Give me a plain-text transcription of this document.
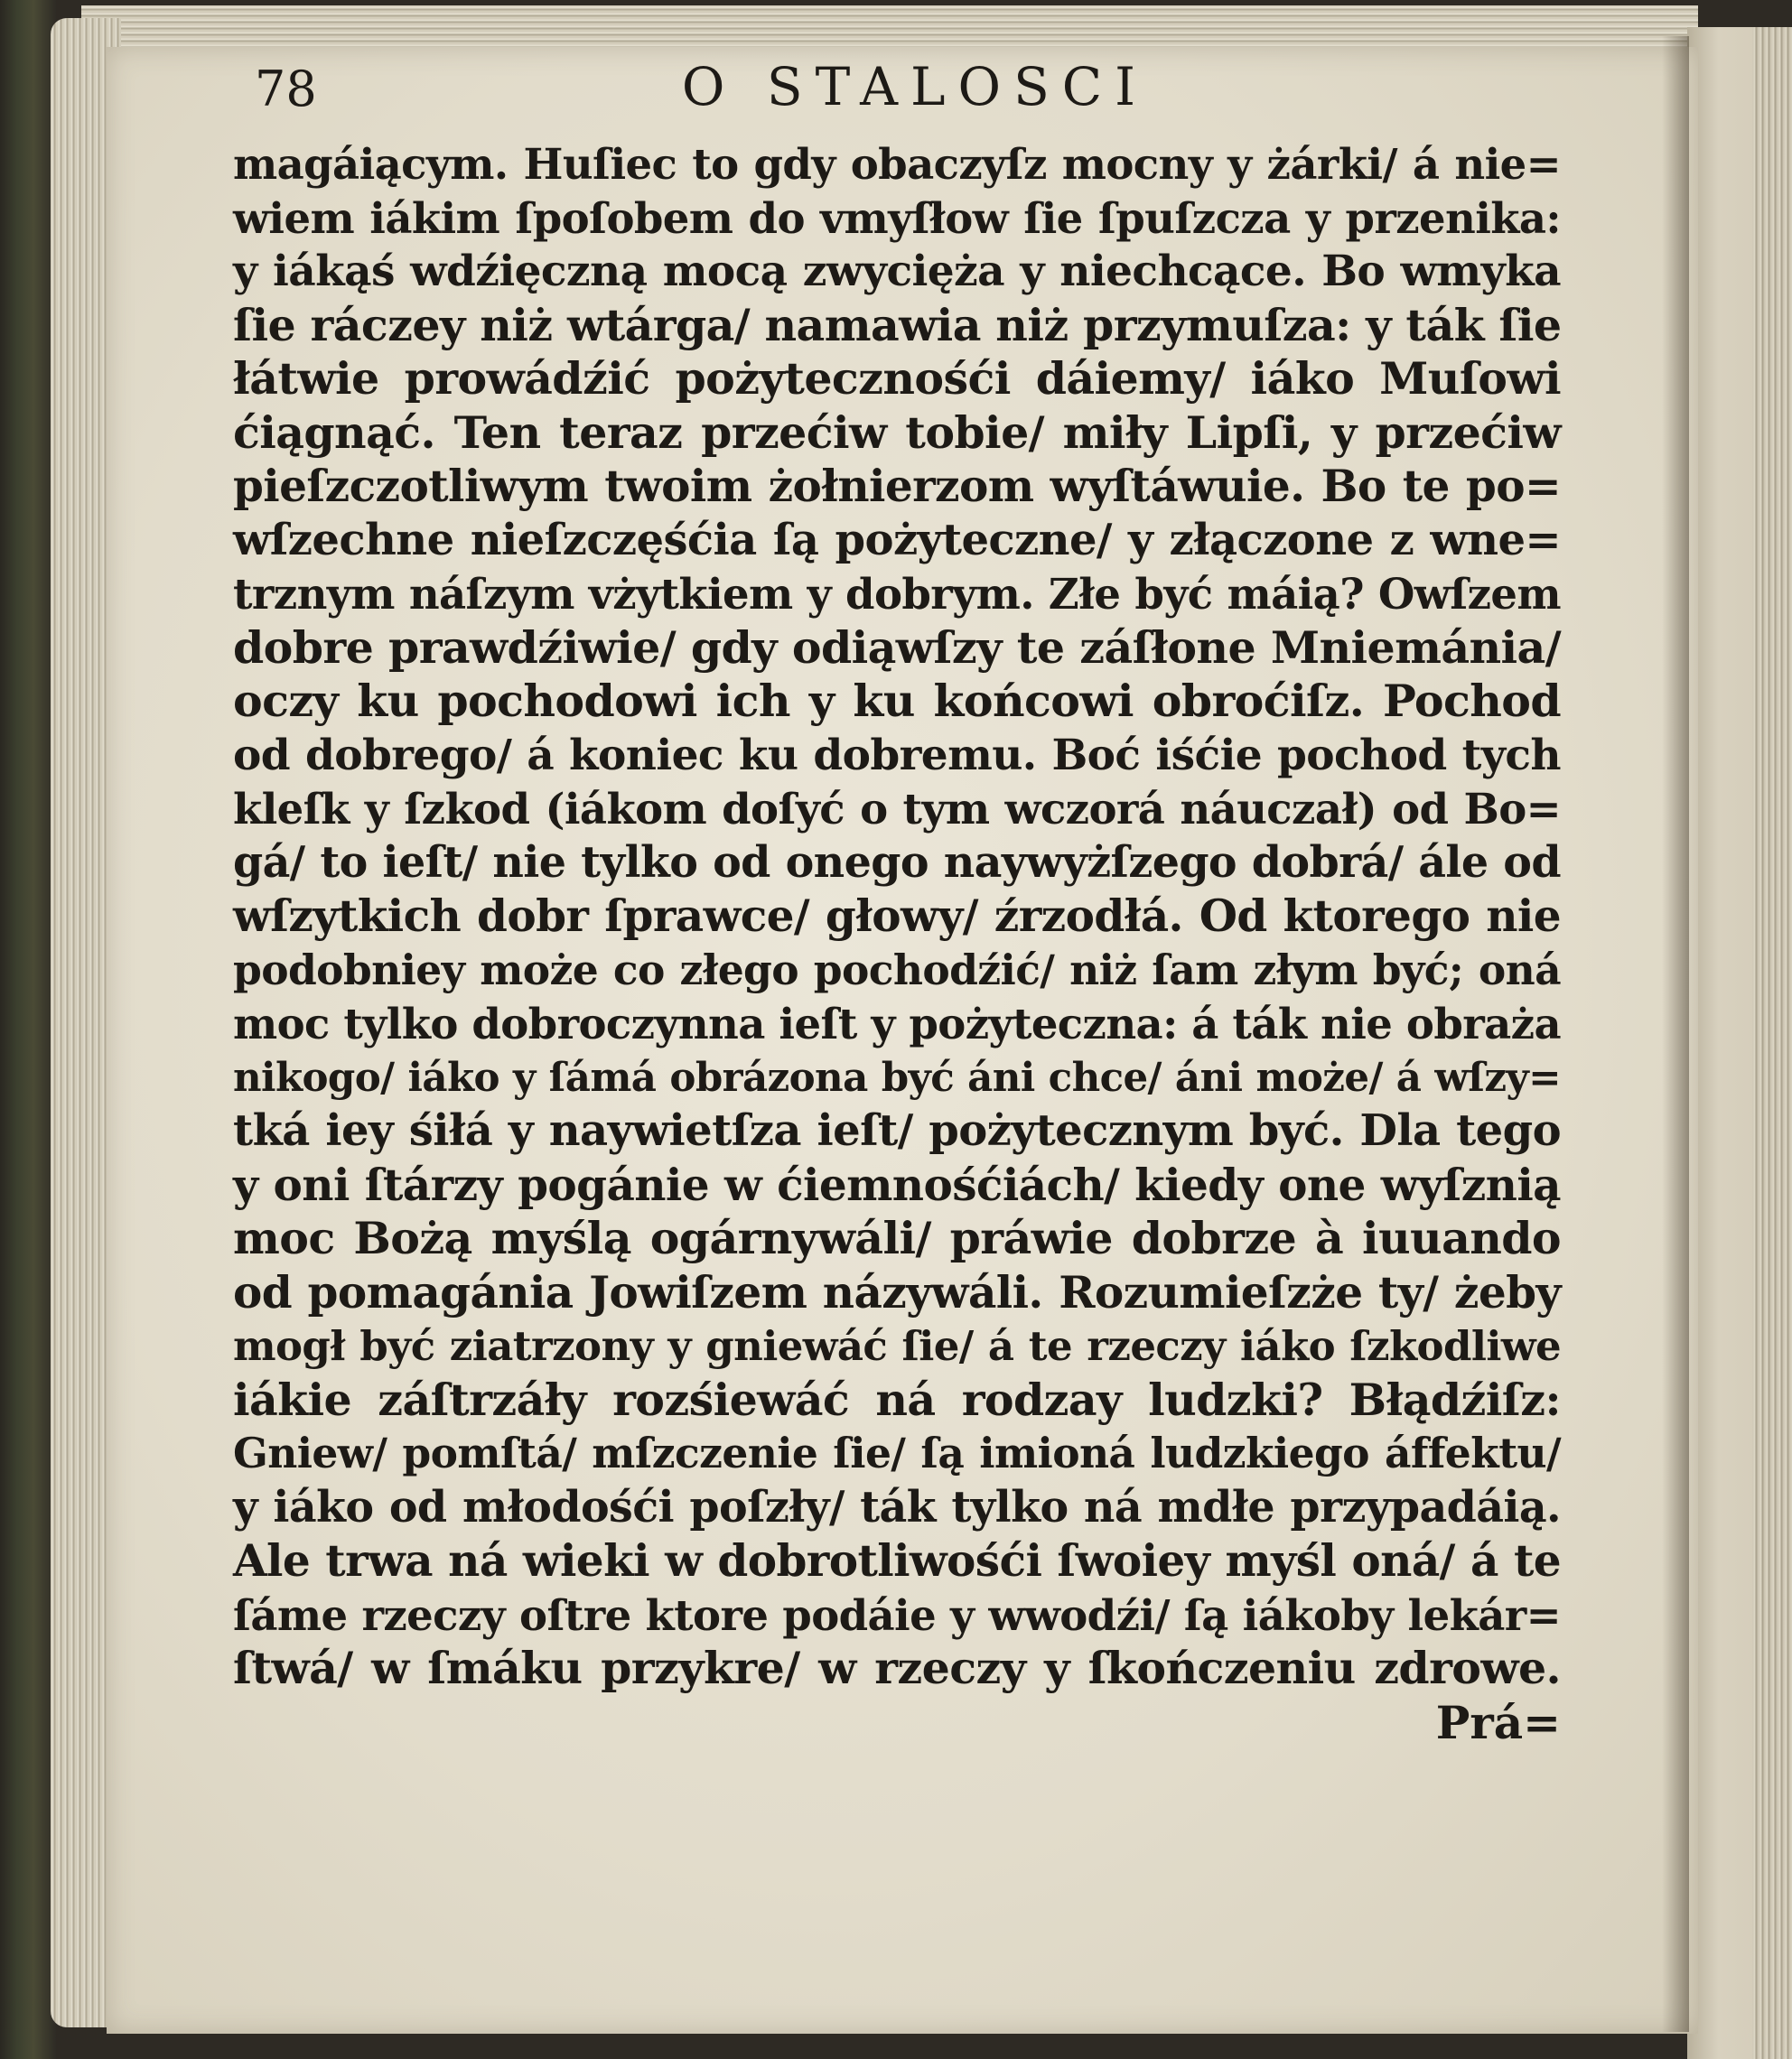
78	O STALOSCI
magáiącym. Huſiec to gdy obaczyſz mocny y żárki/ á nie=
wiem iákim ſpoſobem do vmyſłow ſie ſpuſzcza y przenika:
y iákąś wdźięczną mocą zwycięża y niechcące. Bo wmyka
ſie ráczey niż wtárga/ namawia niż przymuſza: y ták ſie
łátwie prowádźić pożytecznośći dáiemy/ iáko Muſowi
ćiągnąć. Ten teraz przećiw tobie/ miły Lipſi, y przećiw
pieſzczotliwym twoim żołnierzom wyſtáwuie. Bo te po=
wſzechne nieſzczęśćia ſą pożyteczne/ y złączone z wne=
trznym náſzym vżytkiem y dobrym. Złe być máią? Owſzem
dobre prawdźiwie/ gdy odiąwſzy te záſłone Mniemánia/
oczy ku pochodowi ich y ku końcowi obroćiſz. Pochod
od dobrego/ á koniec ku dobremu. Boć iśćie pochod tych
kleſk y ſzkod (iákom doſyć o tym wczorá náuczał) od Bo=
gá/ to ieſt/ nie tylko od onego naywyżſzego dobrá/ ále od
wſzytkich dobr ſprawce/ głowy/ źrzodłá. Od ktorego nie
podobniey może co złego pochodźić/ niż ſam złym być; oná
moc tylko dobroczynna ieſt y pożyteczna: á ták nie obraża
nikogo/ iáko y ſámá obrázona być áni chce/ áni może/ á wſzy=
tká iey śiłá y naywietſza ieſt/ pożytecznym być. Dla tego
y oni ſtárzy pogánie w ćiemnośćiách/ kiedy one wyſznią
moc Bożą myślą ogárnywáli/ práwie dobrze à iuuando
od pomagánia Jowiſzem názywáli. Rozumieſzże ty/ żeby
mogł być ziatrzony y gniewáć ſie/ á te rzeczy iáko ſzkodliwe
iákie záſtrzáły rozśiewáć ná rodzay ludzki? Błądźiſz:
Gniew/ pomſtá/ mſzczenie ſie/ ſą imioná ludzkiego áffektu/
y iáko od młodośći poſzły/ ták tylko ná mdłe przypadáią.
Ale trwa ná wieki w dobrotliwośći ſwoiey myśl oná/ á te
ſáme rzeczy oſtre ktore podáie y wwodźi/ ſą iákoby lekár=
ſtwá/ w ſmáku przykre/ w rzeczy y ſkończeniu zdrowe.
Prá=
